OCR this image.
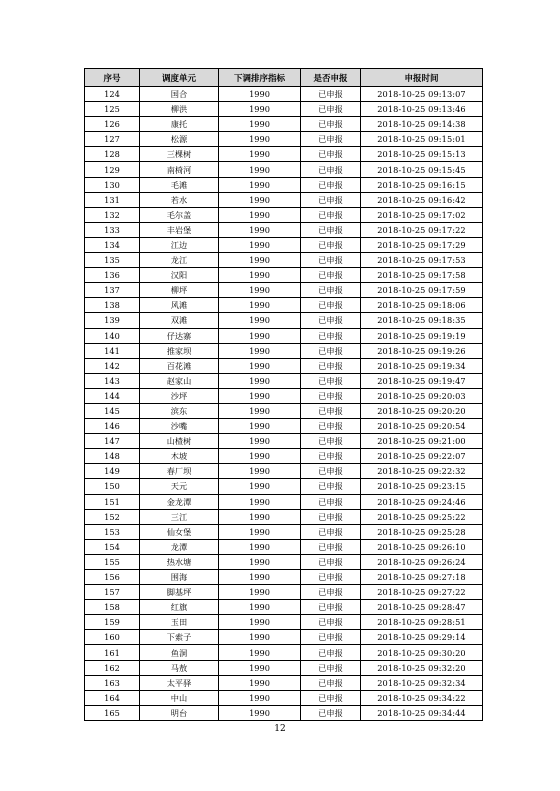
序号	调度单元	下调排序指标	是否申报	申报时间
124	国合	1990	已申报	2018-10-25 09:13:07
125	柳洪	1990	已申报	2018-10-25 09:13:46
126	康托	1990	已申报	2018-10-25 09:14:38
127	松源	1990	已申报	2018-10-25 09:15:01
128	三棵树	1990	已申报	2018-10-25 09:15:13
129	南椅河	1990	已申报	2018-10-25 09:15:45
130	毛滩	1990	已申报	2018-10-25 09:16:15
131	若水	1990	已申报	2018-10-25 09:16:42
132	毛尔盖	1990	已申报	2018-10-25 09:17:02
133	丰岩堡	1990	已申报	2018-10-25 09:17:22
134	江边	1990	已申报	2018-10-25 09:17:29
135	龙江	1990	已申报	2018-10-25 09:17:53
136	汉阳	1990	已申报	2018-10-25 09:17:58
137	柳坪	1990	已申报	2018-10-25 09:17:59
138	风滩	1990	已申报	2018-10-25 09:18:06
139	双滩	1990	已申报	2018-10-25 09:18:35
140	仔达寨	1990	已申报	2018-10-25 09:19:19
141	推家坝	1990	已申报	2018-10-25 09:19:26
142	百花滩	1990	已申报	2018-10-25 09:19:34
143	赵家山	1990	已申报	2018-10-25 09:19:47
144	沙坪	1990	已申报	2018-10-25 09:20:03
145	滨东	1990	已申报	2018-10-25 09:20:20
146	沙嘴	1990	已申报	2018-10-25 09:20:54
147	山楂树	1990	已申报	2018-10-25 09:21:00
148	木坡	1990	已申报	2018-10-25 09:22:07
149	春厂坝	1990	已申报	2018-10-25 09:22:32
150	天元	1990	已申报	2018-10-25 09:23:15
151	金龙潭	1990	已申报	2018-10-25 09:24:46
152	三江	1990	已申报	2018-10-25 09:25:22
153	仙女堡	1990	已申报	2018-10-25 09:25:28
154	龙潭	1990	已申报	2018-10-25 09:26:10
155	热水塘	1990	已申报	2018-10-25 09:26:24
156	围海	1990	已申报	2018-10-25 09:27:18
157	脚基坪	1990	已申报	2018-10-25 09:27:22
158	红旗	1990	已申报	2018-10-25 09:28:47
159	玉田	1990	已申报	2018-10-25 09:28:51
160	下索子	1990	已申报	2018-10-25 09:29:14
161	鱼洞	1990	已申报	2018-10-25 09:30:20
162	马敖	1990	已申报	2018-10-25 09:32:20
163	太平驿	1990	已申报	2018-10-25 09:32:34
164	中山	1990	已申报	2018-10-25 09:34:22
165	明台	1990	已申报	2018-10-25 09:34:44
12
